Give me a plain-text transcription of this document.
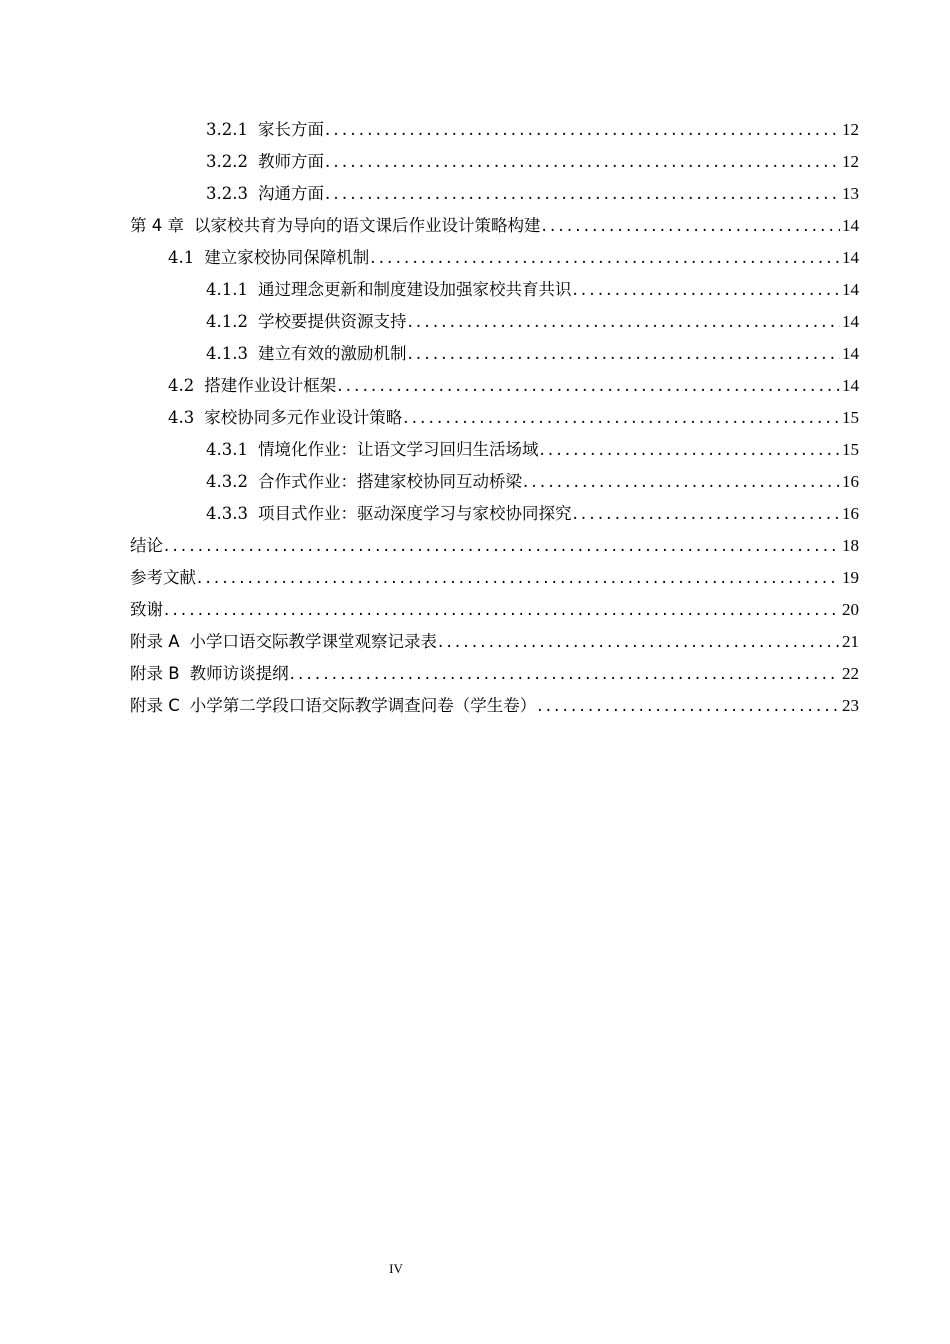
3.2.1 家长方面 .....	12
3.2.2 教师方面 .....	12
3.2.3 沟通方面 .....	13
第 4 章 以家校共育为导向的语文课后作业设计策略构建 .....	14
4.1 建立家校协同保障机制 .....	14
4.1.1 通过理念更新和制度建设加强家校共育共识 .....	14
4.1.2 学校要提供资源支持 .....	14
4.1.3 建立有效的激励机制 .....	14
4.2 搭建作业设计框架 .....	14
4.3 家校协同多元作业设计策略 .....	15
4.3.1 情境化作业：让语文学习回归生活场域 .....	15
4.3.2 合作式作业：搭建家校协同互动桥梁 .....	16
4.3.3 项目式作业：驱动深度学习与家校协同探究 .....	16
结论 .....	18
参考文献 .....	19
致谢 .....	20
附录 A 小学口语交际教学课堂观察记录表 .....	21
附录 B 教师访谈提纲 .....	22
附录 C 小学第二学段口语交际教学调查问卷（学生卷） .....	23
IV
